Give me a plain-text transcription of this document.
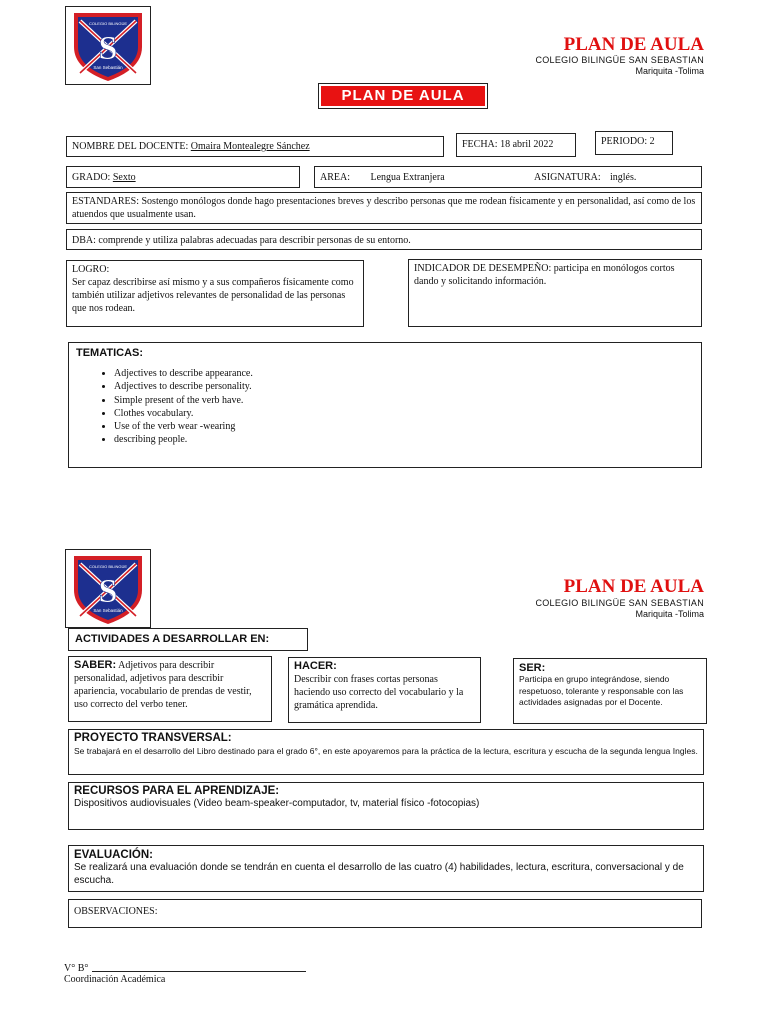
S
COLEGIO BILINGÜE
San Sebastián
PLAN DE AULA
COLEGIO BILINGÜE SAN SEBASTIAN
Mariquita -Tolima
PLAN DE AULA
NOMBRE DEL DOCENTE: Omaira Montealegre Sánchez	FECHA: 18 abril 2022	PERIODO: 2
GRADO: Sexto	AREA: Lengua Extranjera	ASIGNATURA: inglés.
ESTANDARES: Sostengo monólogos donde hago presentaciones breves y describo personas que me rodean físicamente y en personalidad, así como de los atuendos que usualmente usan.
DBA: comprende y utiliza palabras adecuadas para describir personas de su entorno.
LOGRO:
Ser capaz describirse así mismo y a sus compañeros físicamente como también utilizar adjetivos relevantes de personalidad de las personas que nos rodean.
INDICADOR DE DESEMPEÑO: participa en monólogos cortos dando y solicitando información.
TEMATICAS:
• Adjectives to describe appearance.
• Adjectives to describe personality.
• Simple present of the verb have.
• Clothes vocabulary.
• Use of the verb wear -wearing
• describing people.
S
COLEGIO BILINGÜE
San Sebastián
PLAN DE AULA
COLEGIO BILINGÜE SAN SEBASTIAN
Mariquita -Tolima
ACTIVIDADES A DESARROLLAR EN:
SABER: Adjetivos para describir personalidad, adjetivos para describir apariencia, vocabulario de prendas de vestir, uso correcto del verbo tener.
HACER:
Describir con frases cortas personas haciendo uso correcto del vocabulario y la gramática aprendida.
SER:
Participa en grupo integrándose, siendo respetuoso, tolerante y responsable con las actividades asignadas por el Docente.
PROYECTO TRANSVERSAL:
Se trabajará en el desarrollo del Libro destinado para el grado 6°, en este apoyaremos para la práctica de la lectura, escritura y escucha de la segunda lengua Ingles.
RECURSOS PARA EL APRENDIZAJE:
Dispositivos audiovisuales (Video beam-speaker-computador, tv, material físico -fotocopias)
EVALUACIÓN:
Se realizará una evaluación donde se tendrán en cuenta el desarrollo de las cuatro (4) habilidades, lectura, escritura, conversacional y de escucha.
OBSERVACIONES:
V° B°
Coordinación Académica
